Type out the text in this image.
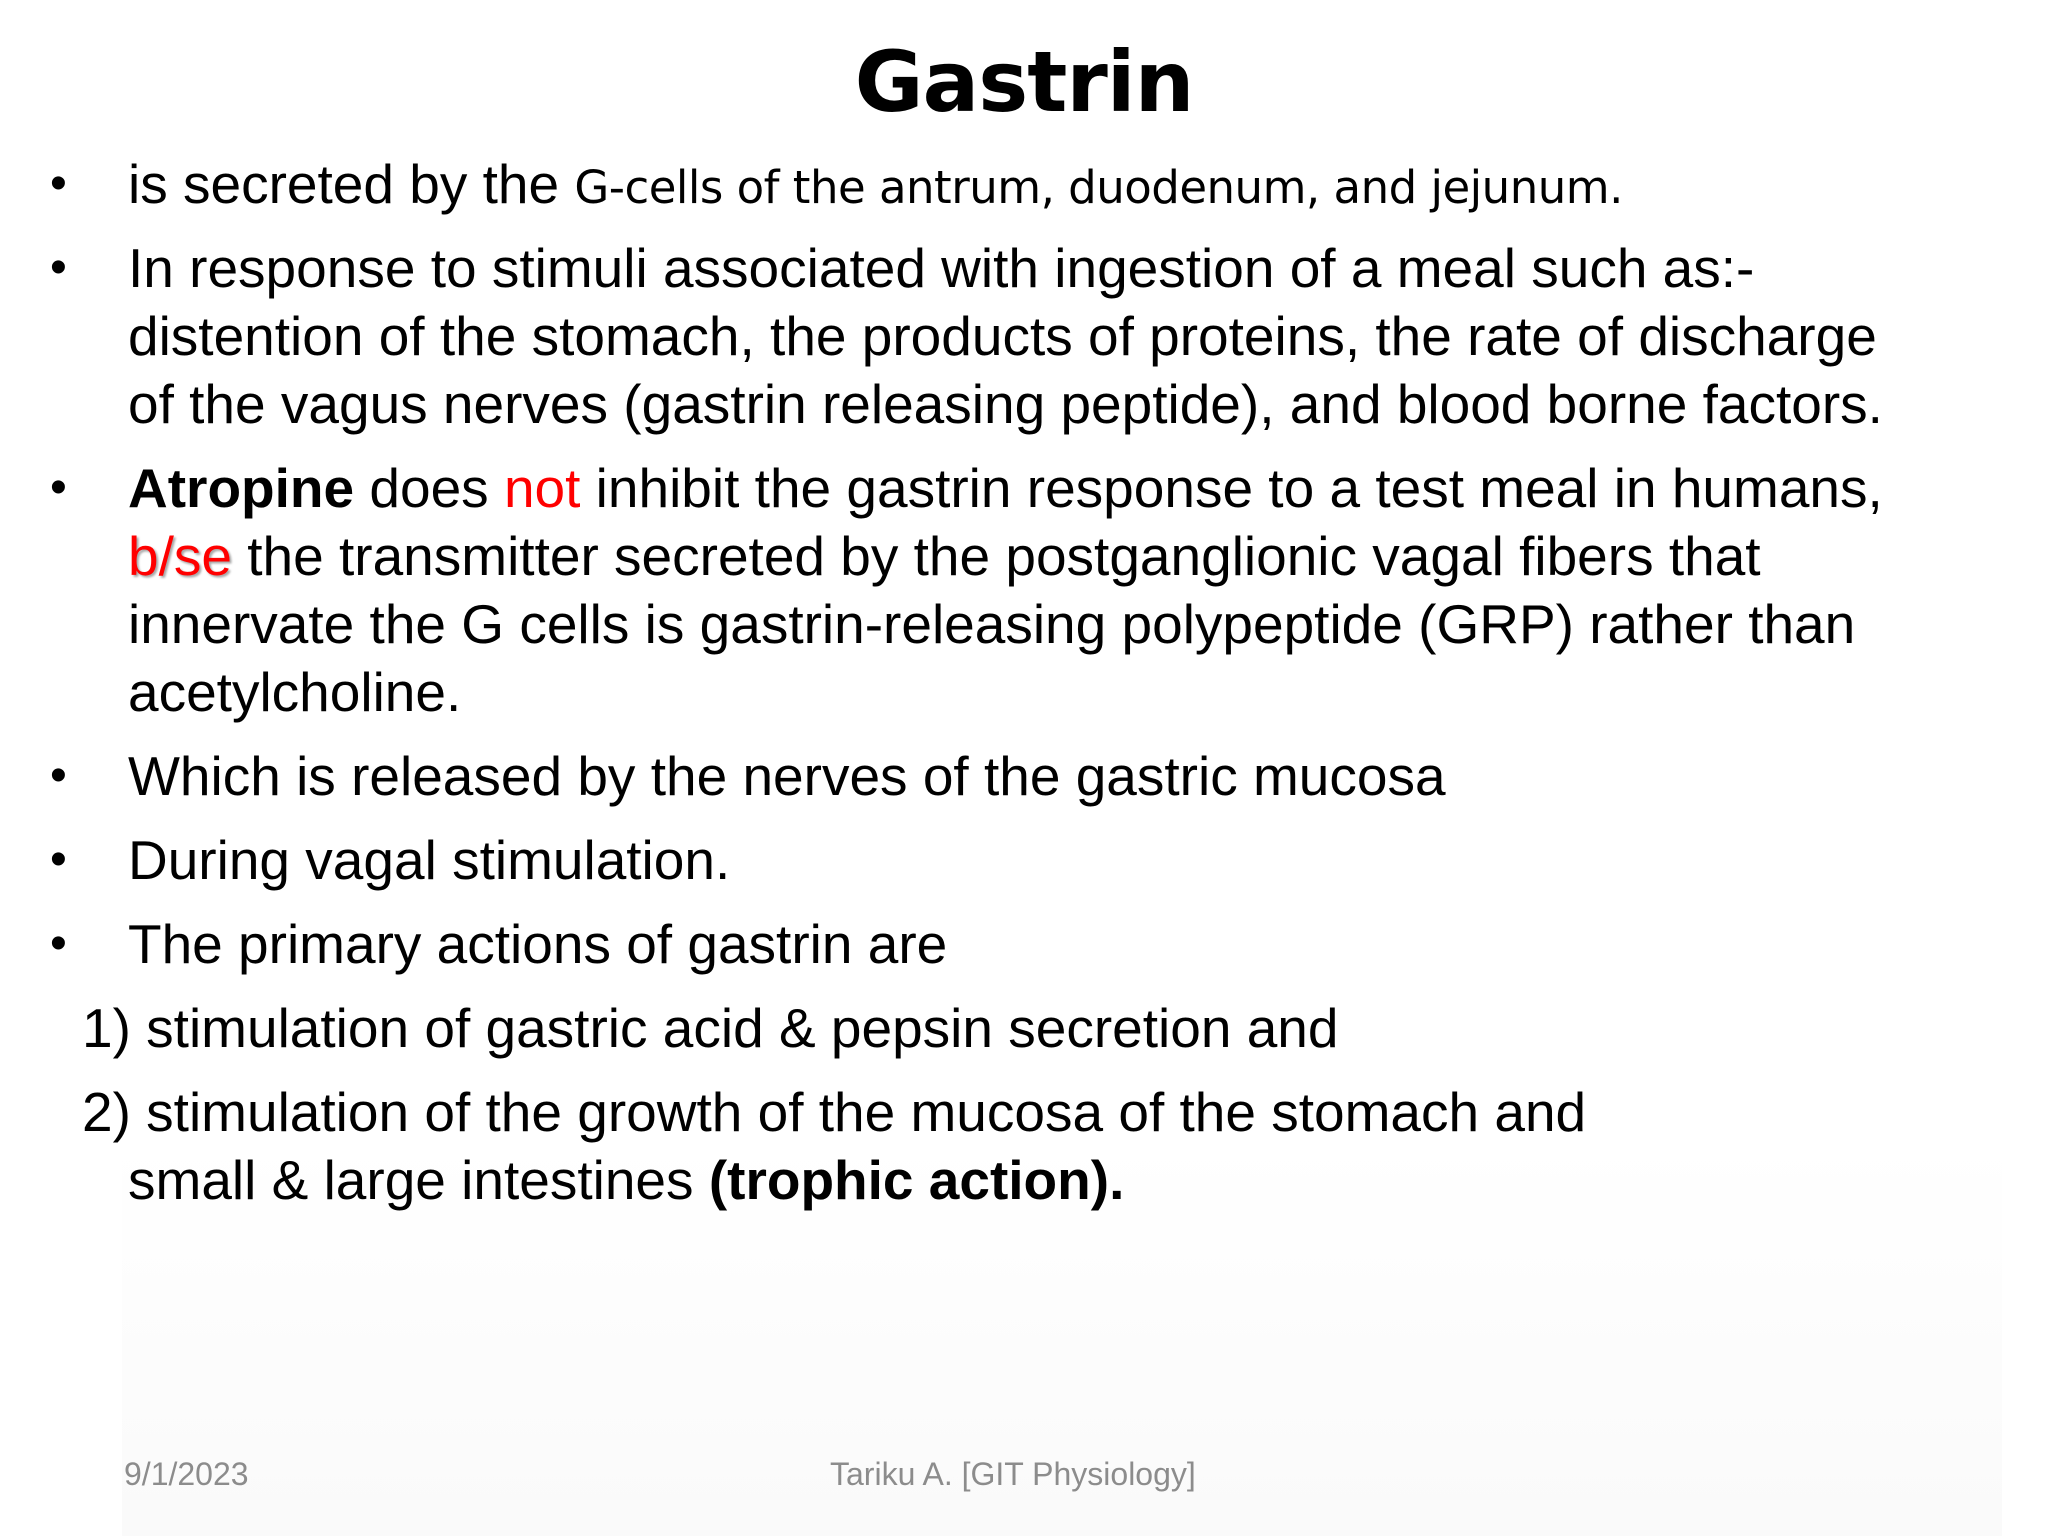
Gastrin
• is secreted by the G-cells of the antrum, duodenum, and jejunum.
• In response to stimuli associated with ingestion of a meal such as:-
distention of the stomach, the products of proteins, the rate of discharge
of the vagus nerves (gastrin releasing peptide), and blood borne factors.
• Atropine does not inhibit the gastrin response to a test meal in humans,
b/se the transmitter secreted by the postganglionic vagal fibers that
innervate the G cells is gastrin-releasing polypeptide (GRP) rather than
acetylcholine.
• Which is released by the nerves of the gastric mucosa
• During vagal stimulation.
• The primary actions of gastrin are
1) stimulation of gastric acid & pepsin secretion and
2) stimulation of the growth of the mucosa of the stomach and
small & large intestines (trophic action).
9/1/2023	Tariku A. [GIT Physiology]
